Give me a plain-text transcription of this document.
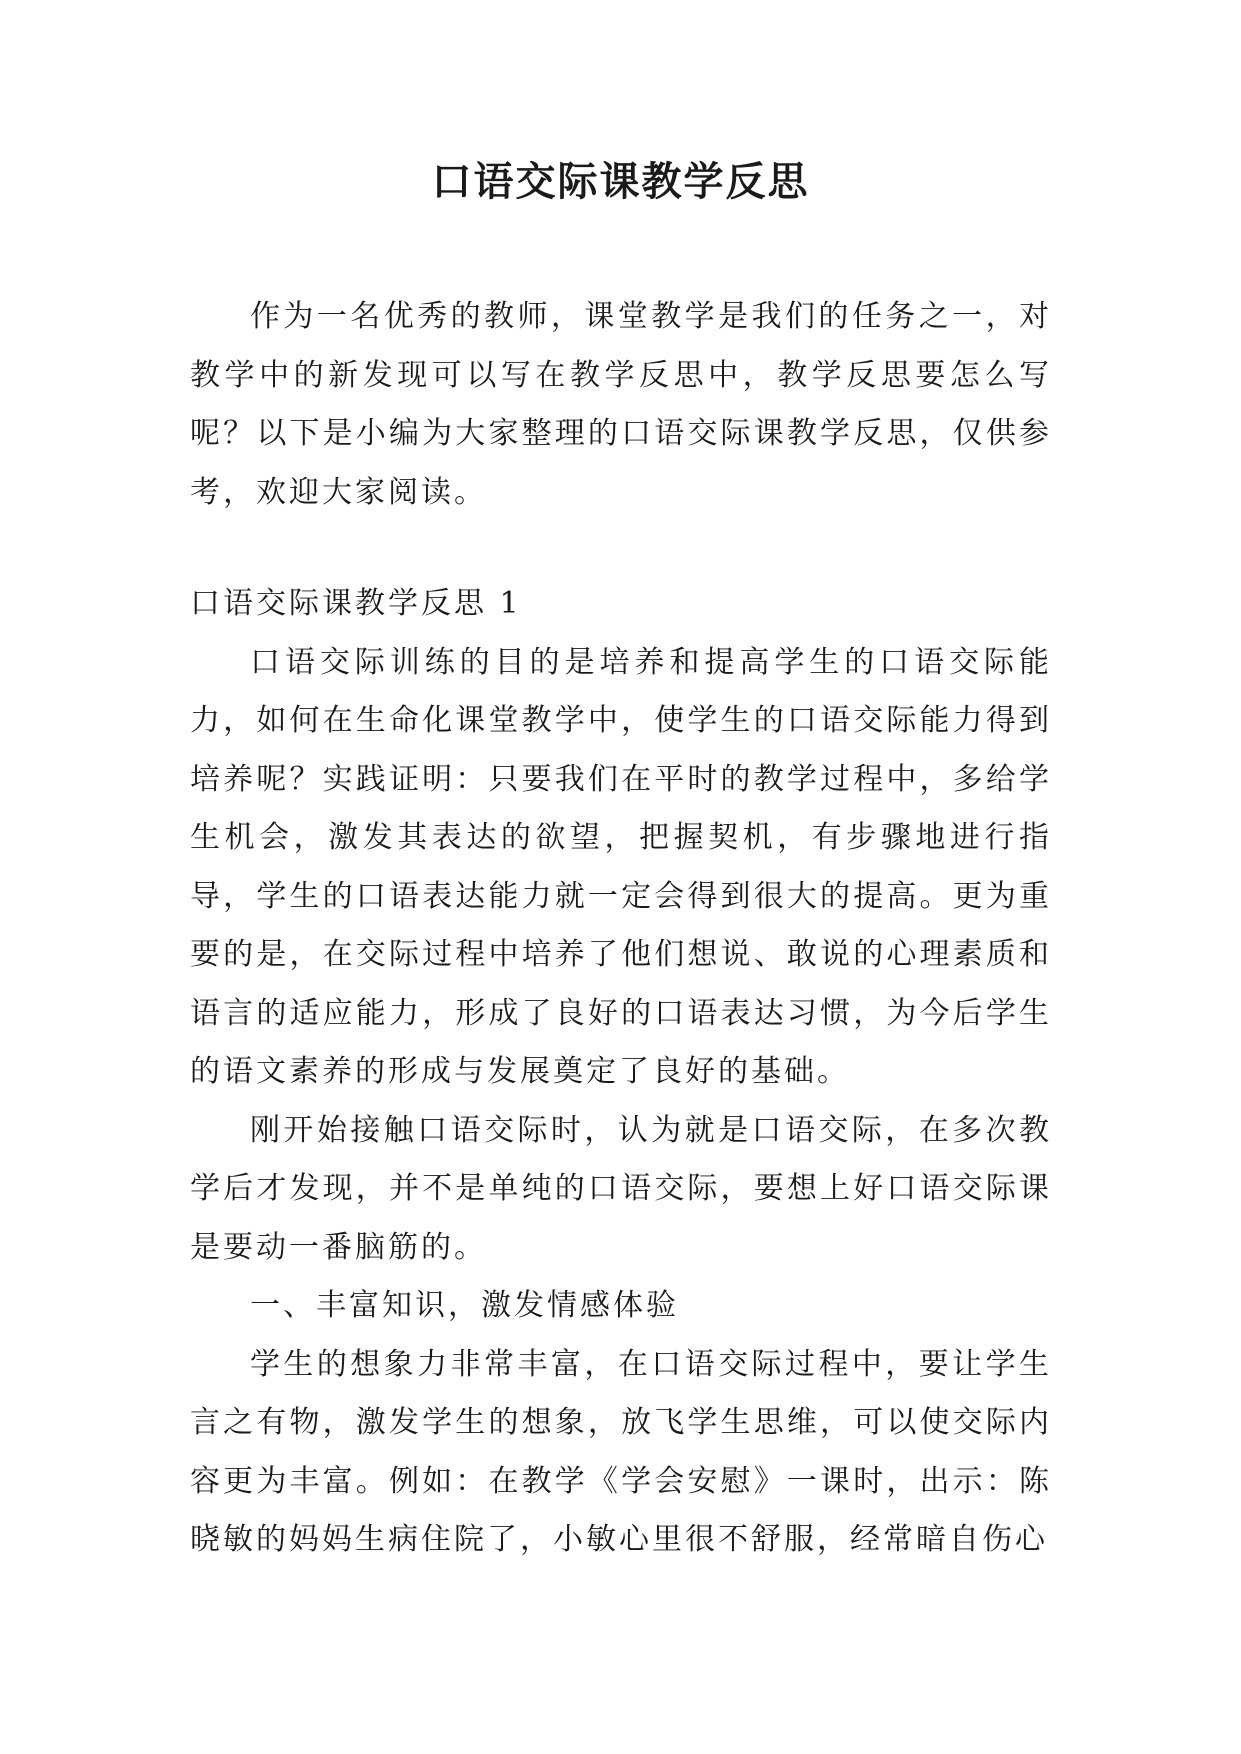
口语交际课教学反思

作为一名优秀的教师，课堂教学是我们的任务之一，对教学中的新发现可以写在教学反思中，教学反思要怎么写呢？以下是小编为大家整理的口语交际课教学反思，仅供参考，欢迎大家阅读。

口语交际课教学反思 1

口语交际训练的目的是培养和提高学生的口语交际能力，如何在生命化课堂教学中，使学生的口语交际能力得到培养呢？实践证明：只要我们在平时的教学过程中，多给学生机会，激发其表达的欲望，把握契机，有步骤地进行指导，学生的口语表达能力就一定会得到很大的提高。更为重要的是，在交际过程中培养了他们想说、敢说的心理素质和语言的适应能力，形成了良好的口语表达习惯，为今后学生的语文素养的形成与发展奠定了良好的基础。

刚开始接触口语交际时，认为就是口语交际，在多次教学后才发现，并不是单纯的口语交际，要想上好口语交际课是要动一番脑筋的。

一、丰富知识，激发情感体验

学生的想象力非常丰富，在口语交际过程中，要让学生言之有物，激发学生的想象，放飞学生思维，可以使交际内容更为丰富。例如：在教学《学会安慰》一课时，出示：陈晓敏的妈妈生病住院了，小敏心里很不舒服，经常暗自伤心
